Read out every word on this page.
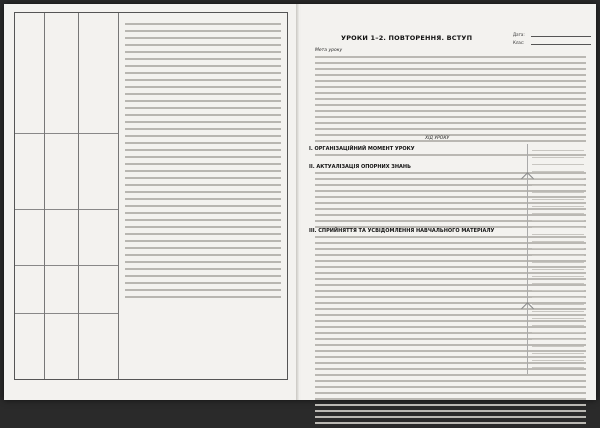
УРОКИ 1–2. ПОВТОРЕННЯ. ВСТУП	Дата:
Клас:
Мета уроку
ХІД УРОКУ
I. ОРГАНІЗАЦІЙНИЙ МОМЕНТ УРОКУ
II. АКТУАЛІЗАЦІЯ ОПОРНИХ ЗНАНЬ
III. СПРИЙНЯТТЯ ТА УСВІДОМЛЕННЯ НАВЧАЛЬНОГО МАТЕРІАЛУ
